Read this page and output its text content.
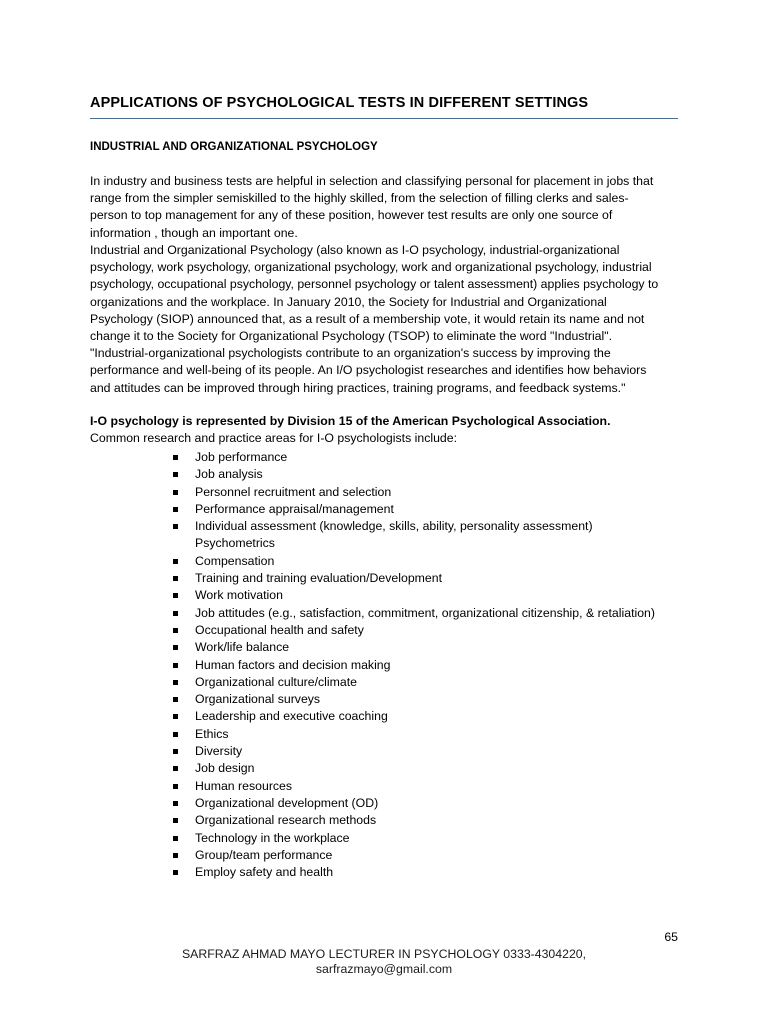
APPLICATIONS OF PSYCHOLOGICAL TESTS IN DIFFERENT SETTINGS
INDUSTRIAL AND ORGANIZATIONAL PSYCHOLOGY
In industry and business tests are helpful in selection and classifying personal for placement in jobs that
range from the simpler semiskilled to the highly skilled, from the selection of filling clerks and sales-
person to top management for any of these position, however test results are only one source of
information , though an important one.
Industrial and Organizational Psychology (also known as I-O psychology, industrial-organizational
psychology, work psychology, organizational psychology, work and organizational psychology, industrial
psychology, occupational psychology, personnel psychology or talent assessment) applies psychology to
organizations and the workplace. In January 2010, the Society for Industrial and Organizational
Psychology (SIOP) announced that, as a result of a membership vote, it would retain its name and not
change it to the Society for Organizational Psychology (TSOP) to eliminate the word "Industrial".
"Industrial-organizational psychologists contribute to an organization's success by improving the
performance and well-being of its people. An I/O psychologist researches and identifies how behaviors
and attitudes can be improved through hiring practices, training programs, and feedback systems."
I-O psychology is represented by Division 15 of the American Psychological Association.
Common research and practice areas for I-O psychologists include:
Job performance
Job analysis
Personnel recruitment and selection
Performance appraisal/management
Individual assessment (knowledge, skills, ability, personality assessment)
Psychometrics
Compensation
Training and training evaluation/Development
Work motivation
Job attitudes (e.g., satisfaction, commitment, organizational citizenship, & retaliation)
Occupational health and safety
Work/life balance
Human factors and decision making
Organizational culture/climate
Organizational surveys
Leadership and executive coaching
Ethics
Diversity
Job design
Human resources
Organizational development (OD)
Organizational research methods
Technology in the workplace
Group/team performance
Employ safety and health
65
SARFRAZ AHMAD MAYO LECTURER IN PSYCHOLOGY 0333-4304220,
sarfrazmayo@gmail.com
